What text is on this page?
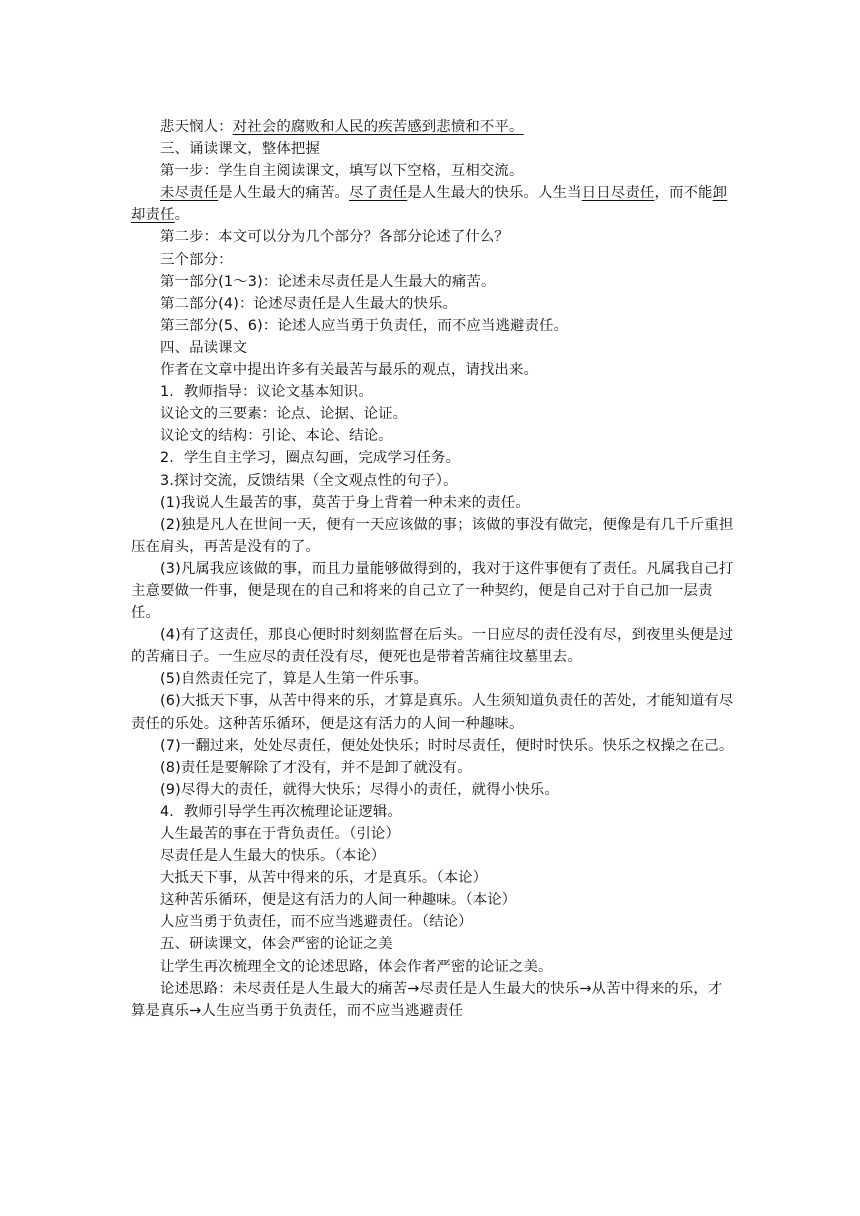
悲天悯人：对社会的腐败和人民的疾苦感到悲愤和不平。

三、诵读课文，整体把握

第一步：学生自主阅读课文，填写以下空格，互相交流。

未尽责任是人生最大的痛苦。尽了责任是人生最大的快乐。人生当日日尽责任，而不能卸却责任。

第二步：本文可以分为几个部分？各部分论述了什么？

三个部分：

第一部分(1～3)：论述未尽责任是人生最大的痛苦。

第二部分(4)：论述尽责任是人生最大的快乐。

第三部分(5、6)：论述人应当勇于负责任，而不应当逃避责任。

四、品读课文

作者在文章中提出许多有关最苦与最乐的观点，请找出来。

1．教师指导：议论文基本知识。

议论文的三要素：论点、论据、论证。

议论文的结构：引论、本论、结论。

2．学生自主学习，圈点勾画，完成学习任务。

3.探讨交流，反馈结果（全文观点性的句子）。

(1)我说人生最苦的事，莫苦于身上背着一种未来的责任。

(2)独是凡人在世间一天，便有一天应该做的事；该做的事没有做完，便像是有几千斤重担压在肩头，再苦是没有的了。

(3)凡属我应该做的事，而且力量能够做得到的，我对于这件事便有了责任。凡属我自己打主意要做一件事，便是现在的自己和将来的自己立了一种契约，便是自己对于自己加一层责任。

(4)有了这责任，那良心便时时刻刻监督在后头。一日应尽的责任没有尽，到夜里头便是过的苦痛日子。一生应尽的责任没有尽，便死也是带着苦痛往坟墓里去。

(5)自然责任完了，算是人生第一件乐事。

(6)大抵天下事，从苦中得来的乐，才算是真乐。人生须知道负责任的苦处，才能知道有尽责任的乐处。这种苦乐循环，便是这有活力的人间一种趣味。

(7)一翻过来，处处尽责任，便处处快乐；时时尽责任，便时时快乐。快乐之权操之在己。

(8)责任是要解除了才没有，并不是卸了就没有。

(9)尽得大的责任，就得大快乐；尽得小的责任，就得小快乐。

4．教师引导学生再次梳理论证逻辑。

人生最苦的事在于背负责任。（引论）

尽责任是人生最大的快乐。（本论）

大抵天下事，从苦中得来的乐，才是真乐。（本论）

这种苦乐循环，便是这有活力的人间一种趣味。（本论）

人应当勇于负责任，而不应当逃避责任。（结论）

五、研读课文，体会严密的论证之美

让学生再次梳理全文的论述思路，体会作者严密的论证之美。

论述思路：未尽责任是人生最大的痛苦→尽责任是人生最大的快乐→从苦中得来的乐，才算是真乐→人生应当勇于负责任，而不应当逃避责任
